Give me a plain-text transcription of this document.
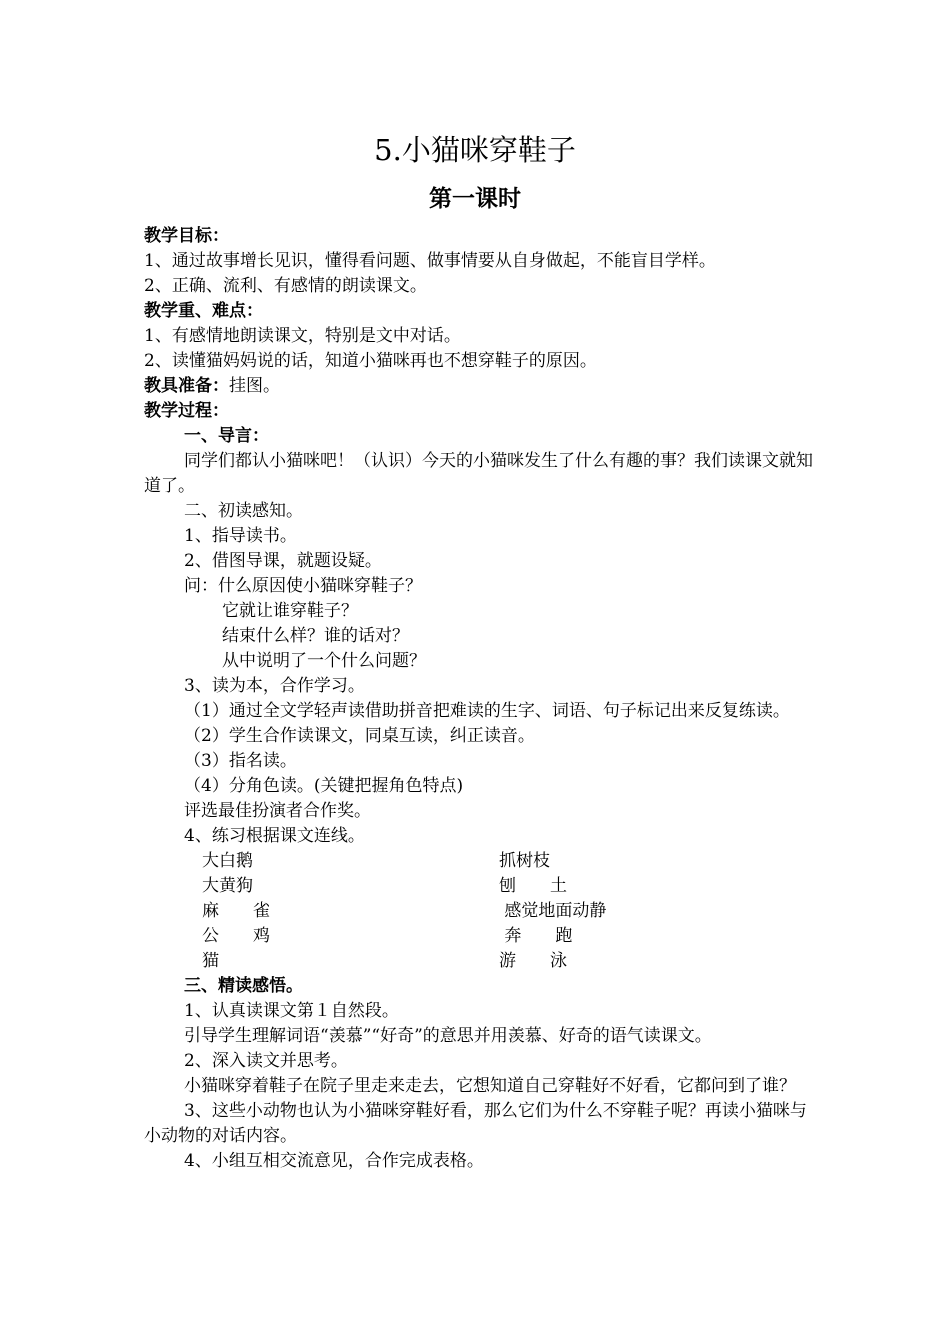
5.小猫咪穿鞋子
第一课时

教学目标：

1、通过故事增长见识，懂得看问题、做事情要从自身做起，不能盲目学样。

2、正确、流利、有感情的朗读课文。

教学重、难点：

1、有感情地朗读课文，特别是文中对话。

2、读懂猫妈妈说的话，知道小猫咪再也不想穿鞋子的原因。

教具准备：挂图。

教学过程：

一、导言：

同学们都认小猫咪吧！（认识）今天的小猫咪发生了什么有趣的事？我们读课文就知道了。

二、初读感知。

1、指导读书。

2、借图导课，就题设疑。

问：什么原因使小猫咪穿鞋子？

它就让谁穿鞋子？

结束什么样？谁的话对？

从中说明了一个什么问题？

3、读为本，合作学习。

（1）通过全文学轻声读借助拼音把难读的生字、词语、句子标记出来反复练读。

（2）学生合作读课文，同桌互读，纠正读音。

（3）指名读。

（4）分角色读。(关键把握角色特点)

评选最佳扮演者合作奖。

4、练习根据课文连线。

大白鹅
大黄狗
麻　　雀
公　　鸡
猫
抓树枝
刨　　土
感觉地面动静
奔　　跑
游　　泳

三、精读感悟。

1、认真读课文第１自然段。

引导学生理解词语“羡慕”“好奇”的意思并用羡慕、好奇的语气读课文。

2、深入读文并思考。

小猫咪穿着鞋子在院子里走来走去，它想知道自己穿鞋好不好看，它都问到了谁？

3、这些小动物也认为小猫咪穿鞋好看，那么它们为什么不穿鞋子呢？再读小猫咪与小动物的对话内容。

4、小组互相交流意见，合作完成表格。
